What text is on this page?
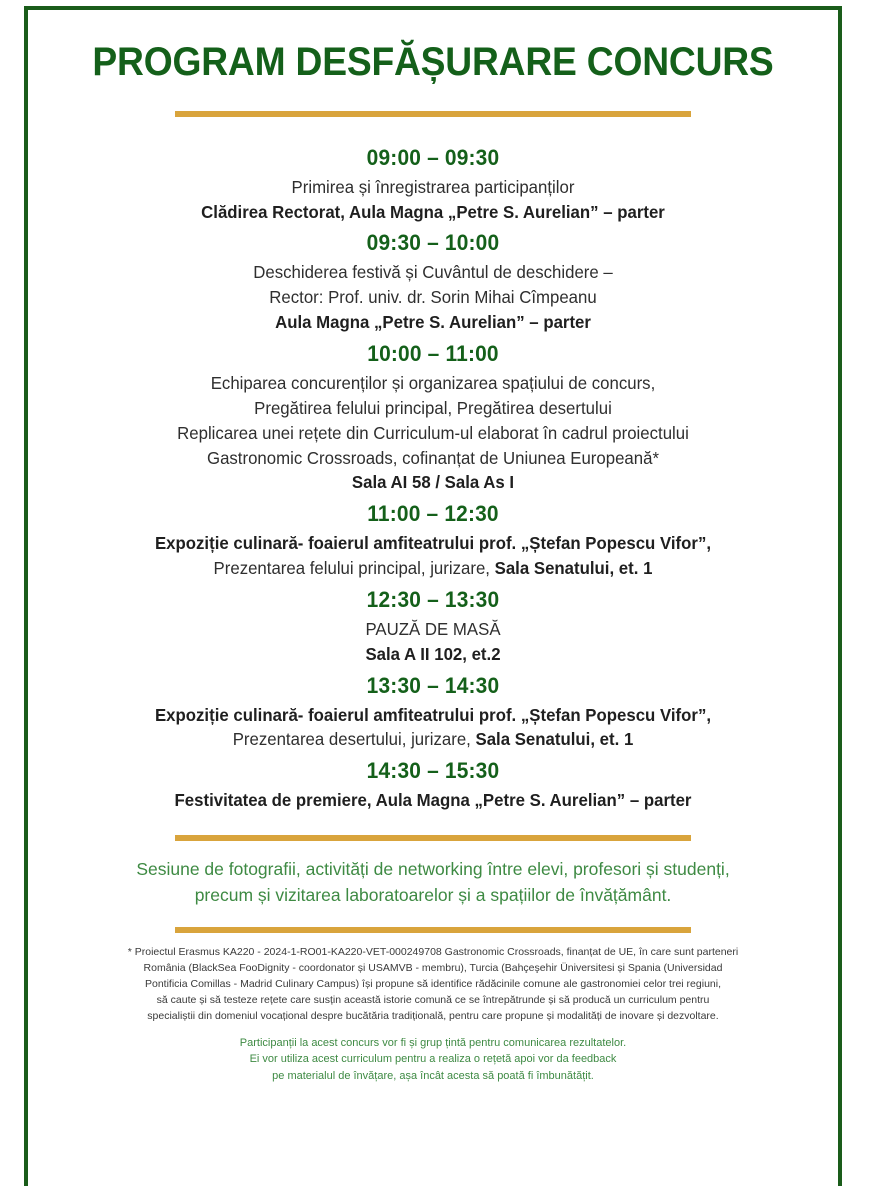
PROGRAM DESFĂȘURARE CONCURS
09:00 – 09:30
Primirea și înregistrarea participanților
Clădirea Rectorat, Aula Magna „Petre S. Aurelian” – parter
09:30 – 10:00
Deschiderea festivă și Cuvântul de deschidere –
Rector: Prof. univ. dr. Sorin Mihai Cîmpeanu
Aula Magna „Petre S. Aurelian” – parter
10:00 – 11:00
Echiparea concurenților și organizarea spațiului de concurs,
Pregătirea felului principal, Pregătirea desertului
Replicarea unei rețete din Curriculum-ul elaborat în cadrul proiectului
Gastronomic Crossroads, cofinanțat de Uniunea Europeană*
Sala AI 58 / Sala As I
11:00 – 12:30
Expoziție culinară- foaierul amfiteatrului prof. „Ștefan Popescu Vifor”,
Prezentarea felului principal, jurizare, Sala Senatului, et. 1
12:30 – 13:30
PAUZĂ DE MASĂ
Sala A II 102, et.2
13:30 – 14:30
Expoziție culinară- foaierul amfiteatrului prof. „Ștefan Popescu Vifor”,
Prezentarea desertului, jurizare, Sala Senatului, et. 1
14:30 – 15:30
Festivitatea de premiere, Aula Magna „Petre S. Aurelian” – parter
Sesiune de fotografii, activități de networking între elevi, profesori și studenți,
precum și vizitarea laboratoarelor și a spațiilor de învățământ.
* Proiectul Erasmus KA220 - 2024-1-RO01-KA220-VET-000249708 Gastronomic Crossroads, finanțat de UE, în care sunt parteneri
România (BlackSea FooDignity - coordonator și USAMVB - membru), Turcia (Bahçeşehir Üniversitesi și Spania (Universidad
Pontificia Comillas - Madrid Culinary Campus) își propune să identifice rădăcinile comune ale gastronomiei celor trei regiuni,
să caute și să testeze rețete care susțin această istorie comună ce se întrepătrunde și să producă un curriculum pentru
specialiștii din domeniul vocațional despre bucătăria tradițională, pentru care propune și modalități de inovare și dezvoltare.
Participanții la acest concurs vor fi și grup țintă pentru comunicarea rezultatelor.
Ei vor utiliza acest curriculum pentru a realiza o rețetă apoi vor da feedback
pe materialul de învățare, așa încât acesta să poată fi îmbunătățit.
